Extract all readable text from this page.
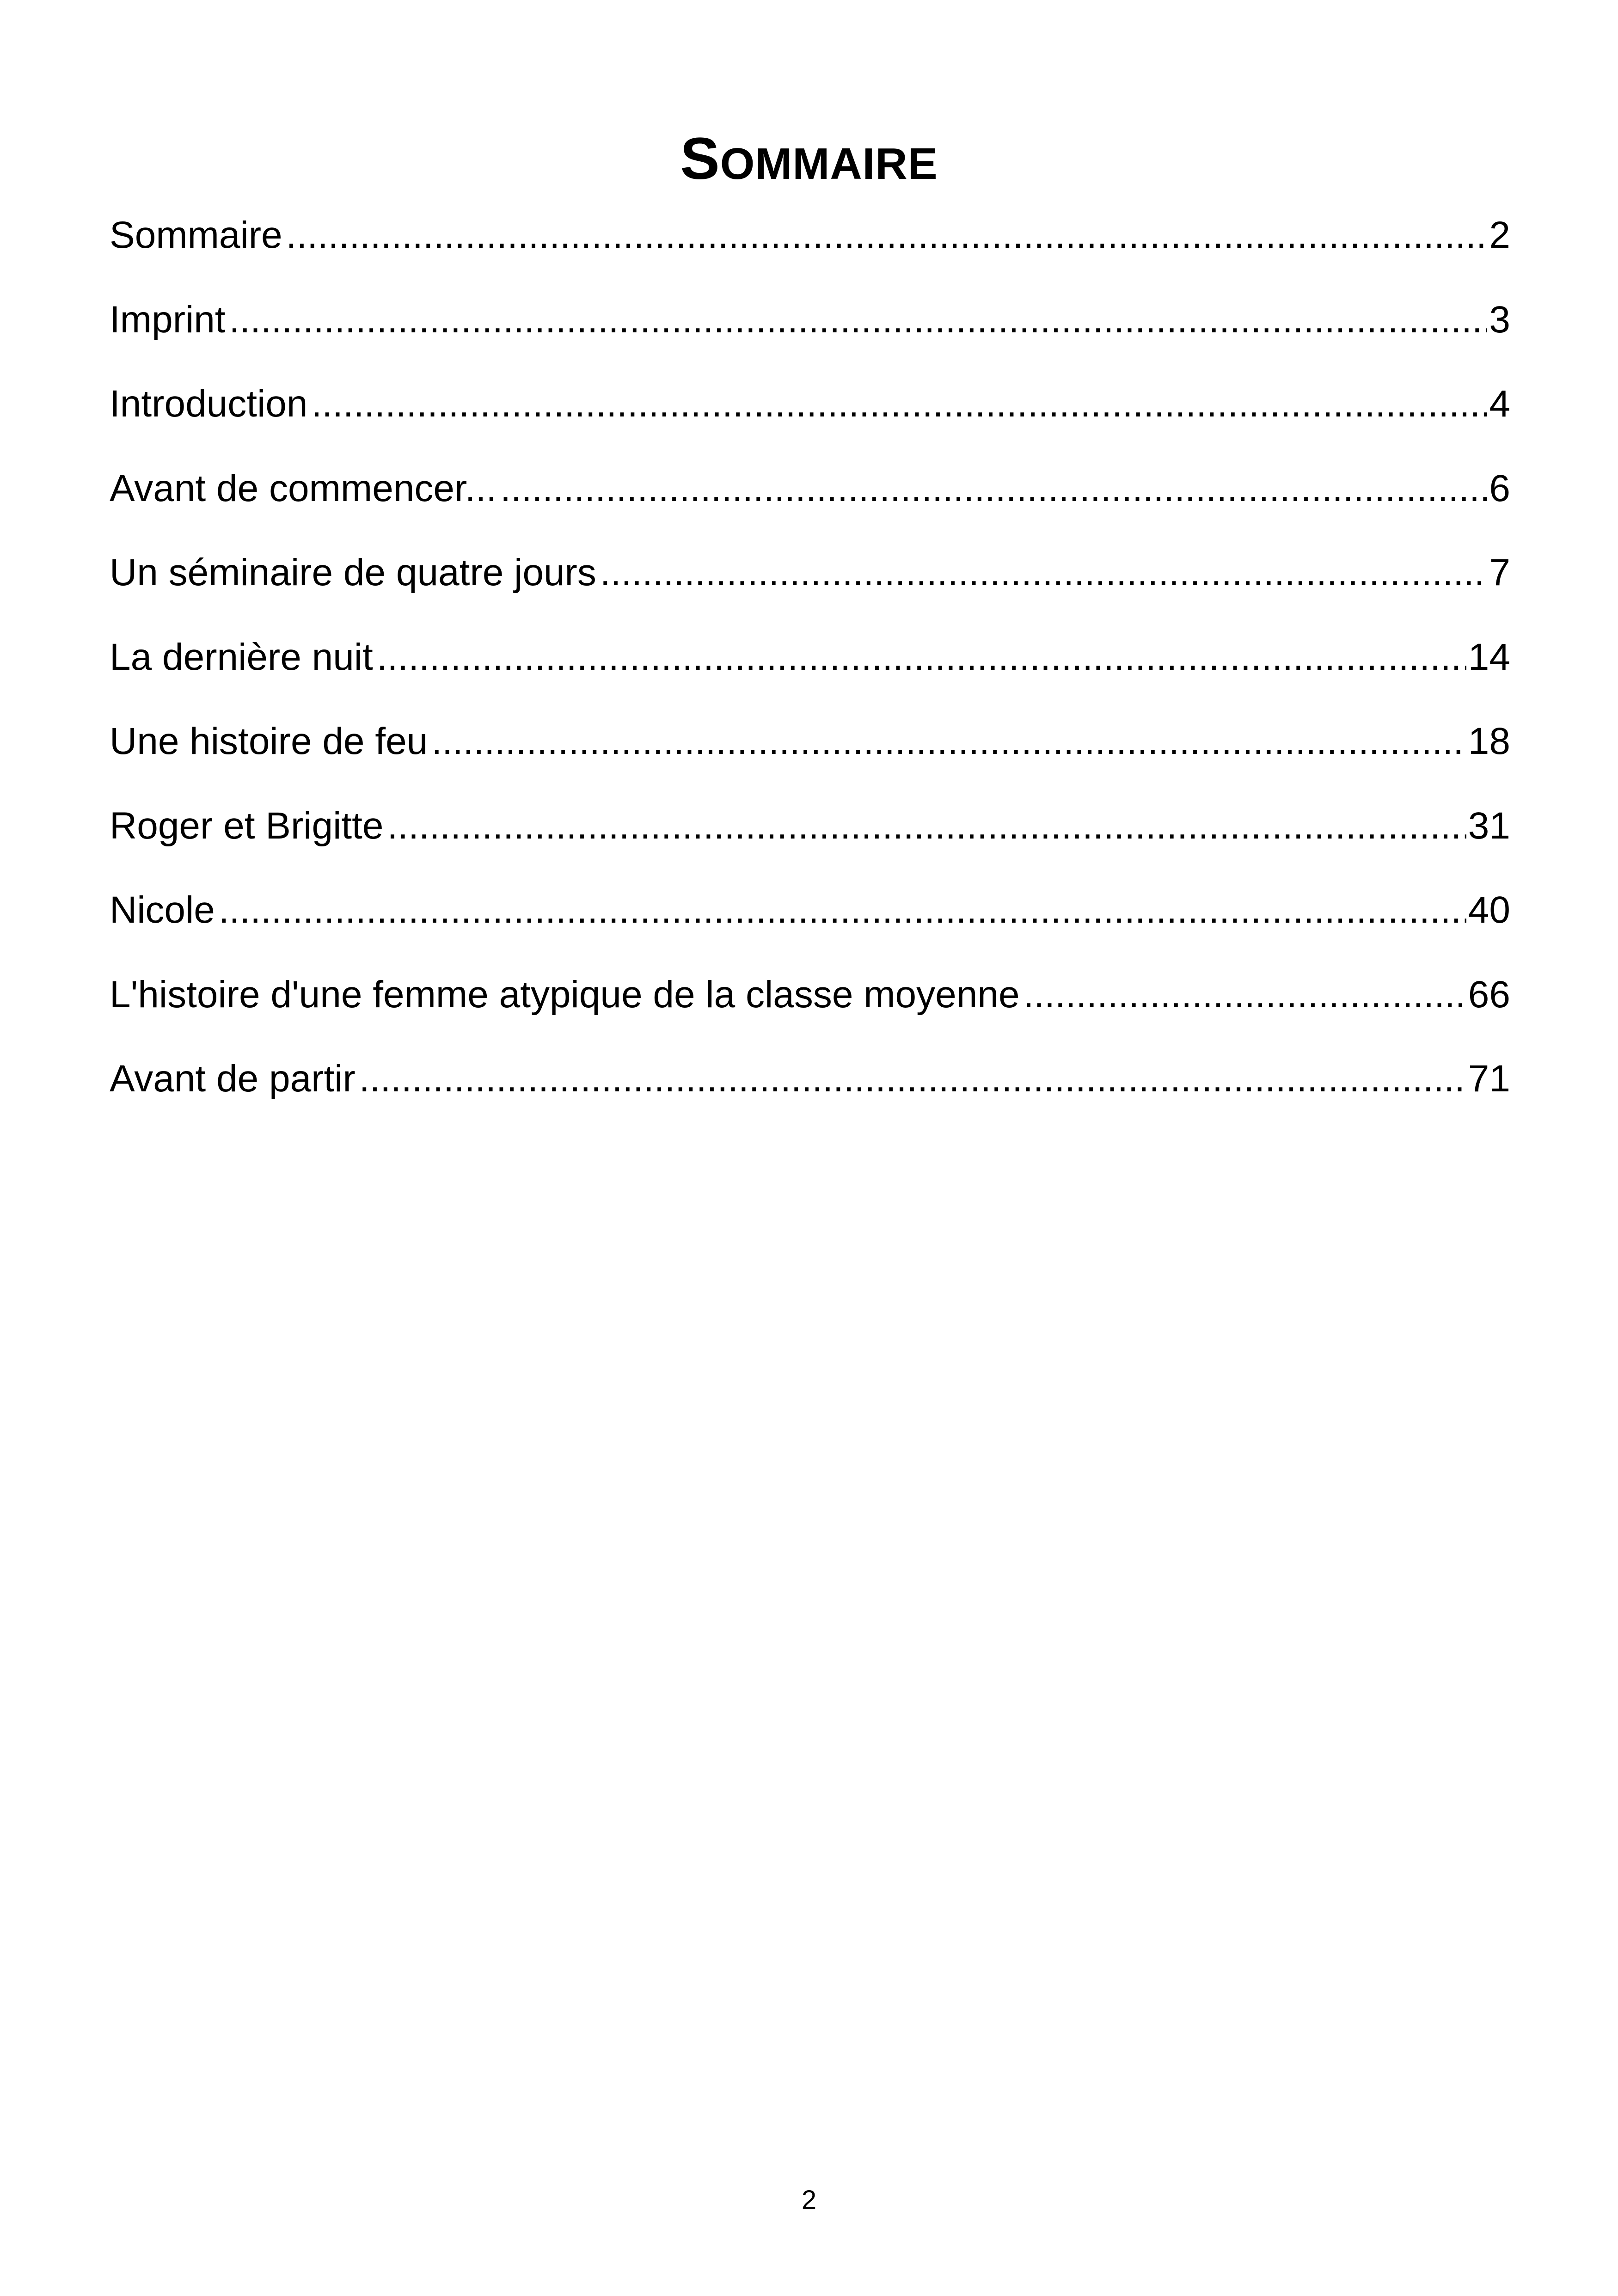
SOMMAIRE
Sommaire .....	2
Imprint .....	3
Introduction .....	4
Avant de commencer... .....	6
Un séminaire de quatre jours .....	7
La dernière nuit .....	14
Une histoire de feu .....	18
Roger et Brigitte .....	31
Nicole .....	40
L'histoire d'une femme atypique de la classe moyenne .....	66
Avant de partir .....	71
2
